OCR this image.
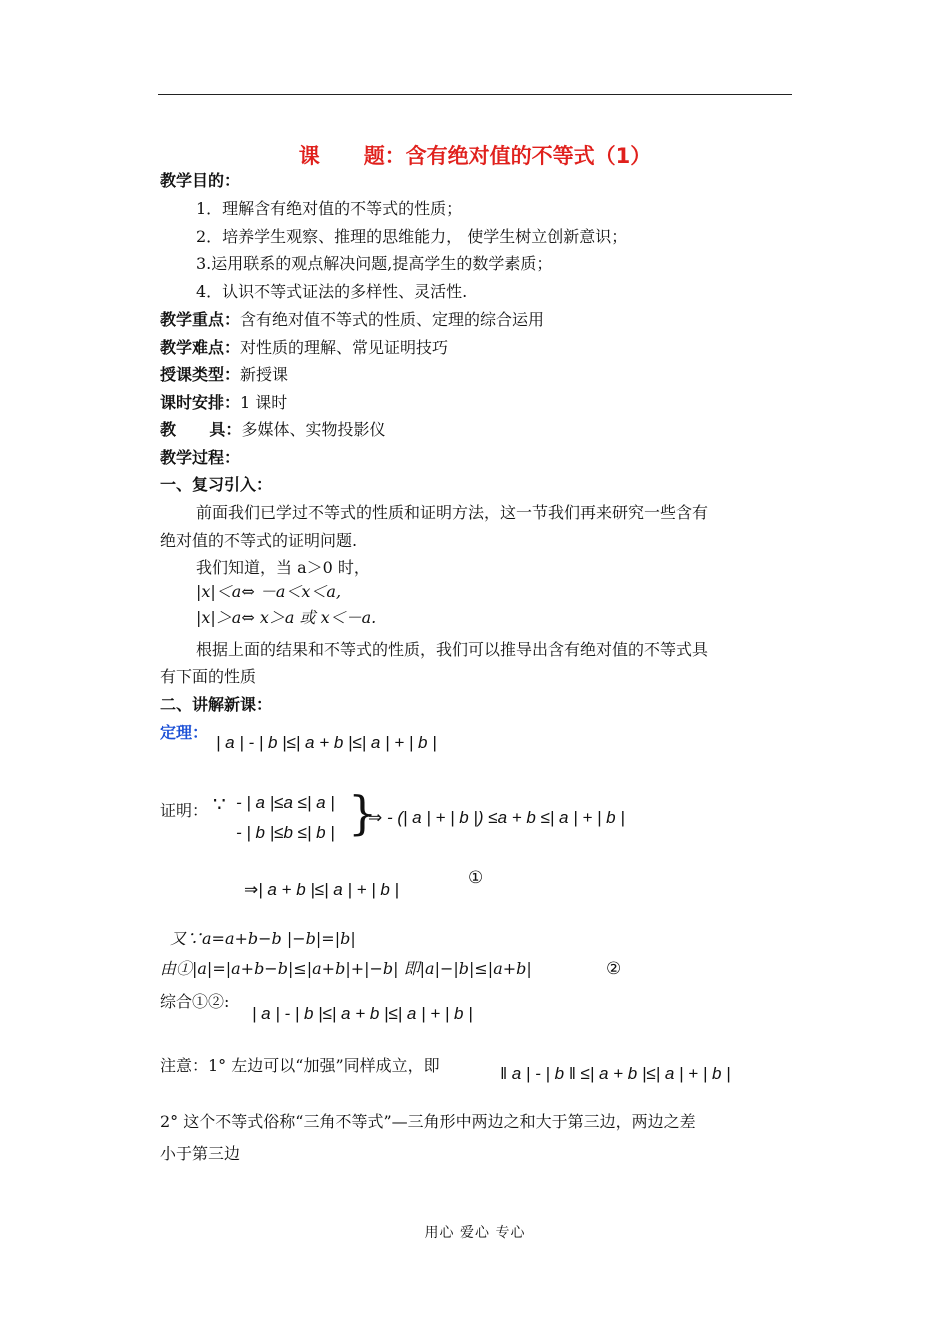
课 题：含有绝对值的不等式（1）
教学目的：
1．理解含有绝对值的不等式的性质；
2．培养学生观察、推理的思维能力， 使学生树立创新意识；
3.运用联系的观点解决问题,提高学生的数学素质；
4．认识不等式证法的多样性、灵活性.
教学重点：含有绝对值不等式的性质、定理的综合运用
教学难点：对性质的理解、常见证明技巧
授课类型：新授课
课时安排：1 课时
教      具：多媒体、实物投影仪
教学过程：
一、复习引入：
前面我们已学过不等式的性质和证明方法，这一节我们再来研究一些含有
绝对值的不等式的证明问题.
我们知道，当 a＞0 时，
|x|＜a⇔ －a＜x＜a,
|x|＞a⇔ x＞a 或 x＜－a.
根据上面的结果和不等式的性质，我们可以推导出含有绝对值的不等式具
有下面的性质
二、讲解新课：
定理：
| a | - | b |≤| a + b |≤| a | + | b |
证明： ∵ - | a |≤a ≤| a |
- | b |≤b ≤| b | }
⇒ - (| a | + | b |) ≤a + b ≤| a | + | b |
⇒| a + b |≤| a | + | b |
①
又∵a=a+b−b |−b|=|b|
由①|a|=|a+b−b|≤|a+b|+|−b| 即|a|−|b|≤|a+b|	②
综合①②:
| a | - | b |≤| a + b |≤| a | + | b |
注意：1° 左边可以“加强”同样成立，即	‖ a | - | b ‖ ≤| a + b |≤| a | + | b |
2° 这个不等式俗称“三角不等式”—三角形中两边之和大于第三边，两边之差
小于第三边
用心 爱心 专心
